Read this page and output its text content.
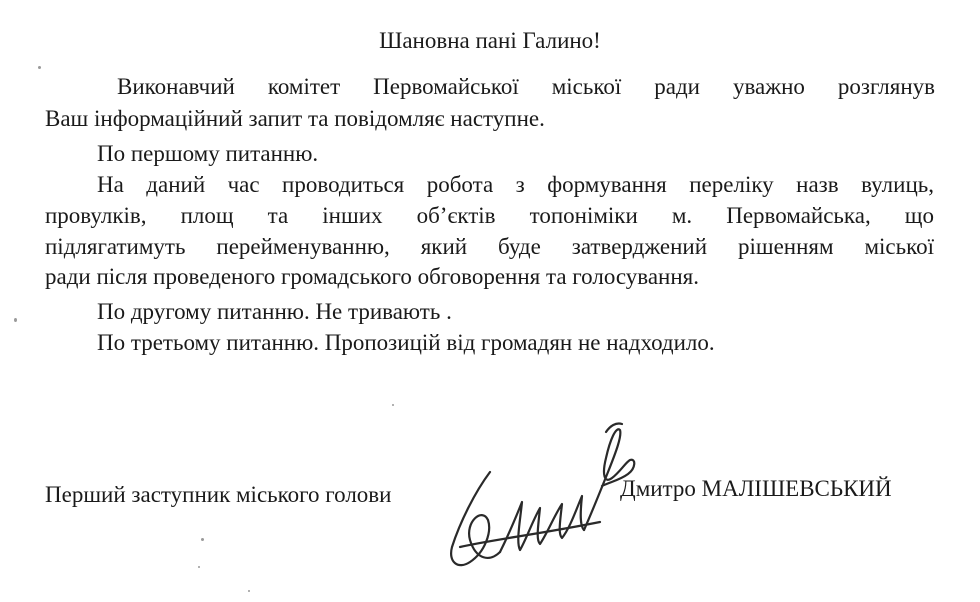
Шановна пані Галино!

Виконавчий комітет Первомайської міської ради уважно розглянув

Ваш інформаційний запит та повідомляє наступне.

По першому питанню.

На даний час проводиться робота з формування переліку назв вулиць,

провулків, площ та інших об’єктів топоніміки м. Первомайська, що

підлягатимуть перейменуванню, який буде затверджений рішенням міської

ради після проведеного громадського обговорення та голосування.

По другому питанню. Не тривають .

По третьому питанню. Пропозицій від громадян не надходило.

Перший заступник міського голови	Дмитро МАЛІШЕВСЬКИЙ
